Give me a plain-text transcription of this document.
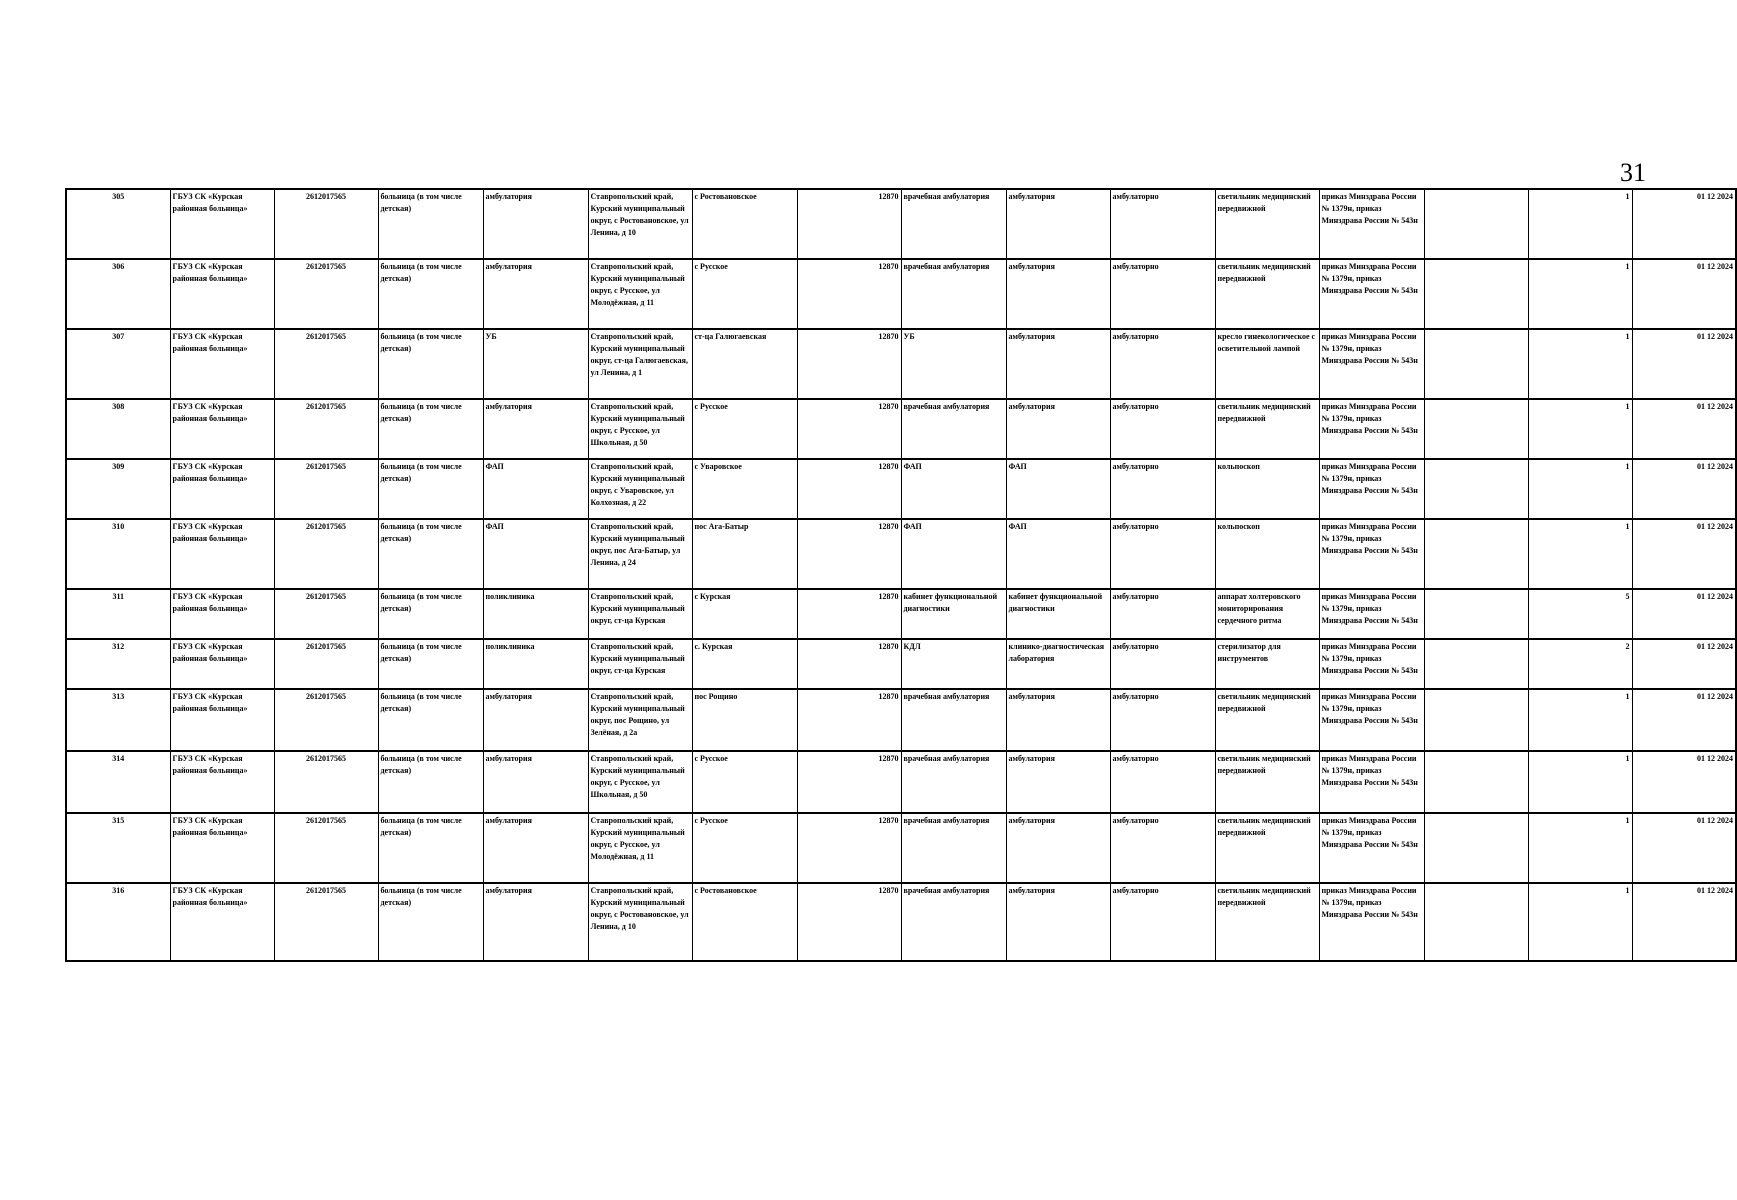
31
305	ГБУЗ СК «Курская районная больница»	2612017565	больница (в том числе детская)	амбулатория	Ставропольский край, Курский муниципальный округ, с Ростовановское, ул Ленина, д 10	с Ростовановское	12870	врачебная амбулатория	амбулатория	амбулаторно	светильник медицинский передвижной	приказ Минздрава России № 1379н, приказ Минздрава России № 543н		1	01 12 2024
306	ГБУЗ СК «Курская районная больница»	2612017565	больница (в том числе детская)	амбулатория	Ставропольский край, Курский муниципальный округ, с Русское, ул Молодёжная, д 11	с Русское	12870	врачебная амбулатория	амбулатория	амбулаторно	светильник медицинский передвижной	приказ Минздрава России № 1379н, приказ Минздрава России № 543н		1	01 12 2024
307	ГБУЗ СК «Курская районная больница»	2612017565	больница (в том числе детская)	УБ	Ставропольский край, Курский муниципальный округ, ст-ца Галюгаевская, ул Ленина, д 1	ст-ца Галюгаевская	12870	УБ	амбулатория	амбулаторно	кресло гинекологическое с осветительной лампой	приказ Минздрава России № 1379н, приказ Минздрава России № 543н		1	01 12 2024
308	ГБУЗ СК «Курская районная больница»	2612017565	больница (в том числе детская)	амбулатория	Ставропольский край, Курский муниципальный округ, с Русское, ул Школьная, д 50	с Русское	12870	врачебная амбулатория	амбулатория	амбулаторно	светильник медицинский передвижной	приказ Минздрава России № 1379н, приказ Минздрава России № 543н		1	01 12 2024
309	ГБУЗ СК «Курская районная больница»	2612017565	больница (в том числе детская)	ФАП	Ставропольский край, Курский муниципальный округ, с Уваровское, ул Колхозная, д 22	с Уваровское	12870	ФАП	ФАП	амбулаторно	кольпоскоп	приказ Минздрава России № 1379н, приказ Минздрава России № 543н		1	01 12 2024
310	ГБУЗ СК «Курская районная больница»	2612017565	больница (в том числе детская)	ФАП	Ставропольский край, Курский муниципальный округ, пос Ага-Батыр, ул Ленина, д 24	пос Ага-Батыр	12870	ФАП	ФАП	амбулаторно	кольпоскоп	приказ Минздрава России № 1379н, приказ Минздрава России № 543н		1	01 12 2024
311	ГБУЗ СК «Курская районная больница»	2612017565	больница (в том числе детская)	поликлиника	Ставропольский край, Курский муниципальный округ, ст-ца Курская	с Курская	12870	кабинет функциональной диагностики	кабинет функциональной диагностики	амбулаторно	аппарат холтеровского мониторирования сердечного ритма	приказ Минздрава России № 1379н, приказ Минздрава России № 543н		5	01 12 2024
312	ГБУЗ СК «Курская районная больница»	2612017565	больница (в том числе детская)	поликлиника	Ставропольский край, Курский муниципальный округ, ст-ца Курская	с. Курская	12870	КДЛ	клинико-диагностическая лаборатория	амбулаторно	стерилизатор для инструментов	приказ Минздрава России № 1379н, приказ Минздрава России № 543н		2	01 12 2024
313	ГБУЗ СК «Курская районная больница»	2612017565	больница (в том числе детская)	амбулатория	Ставропольский край, Курский муниципальный округ, пос Рощино, ул Зелёная, д 2а	пос Рощино	12870	врачебная амбулатория	амбулатория	амбулаторно	светильник медицинский передвижной	приказ Минздрава России № 1379н, приказ Минздрава России № 543н		1	01 12 2024
314	ГБУЗ СК «Курская районная больница»	2612017565	больница (в том числе детская)	амбулатория	Ставропольский край, Курский муниципальный округ, с Русское, ул Школьная, д 50	с Русское	12870	врачебная амбулатория	амбулатория	амбулаторно	светильник медицинский передвижной	приказ Минздрава России № 1379н, приказ Минздрава России № 543н		1	01 12 2024
315	ГБУЗ СК «Курская районная больница»	2612017565	больница (в том числе детская)	амбулатория	Ставропольский край, Курский муниципальный округ, с Русское, ул Молодёжная, д 11	с Русское	12870	врачебная амбулатория	амбулатория	амбулаторно	светильник медицинский передвижной	приказ Минздрава России № 1379н, приказ Минздрава России № 543н		1	01 12 2024
316	ГБУЗ СК «Курская районная больница»	2612017565	больница (в том числе детская)	амбулатория	Ставропольский край, Курский муниципальный округ, с Ростовановское, ул Ленина, д 10	с Ростовановское	12870	врачебная амбулатория	амбулатория	амбулаторно	светильник медицинский передвижной	приказ Минздрава России № 1379н, приказ Минздрава России № 543н		1	01 12 2024
